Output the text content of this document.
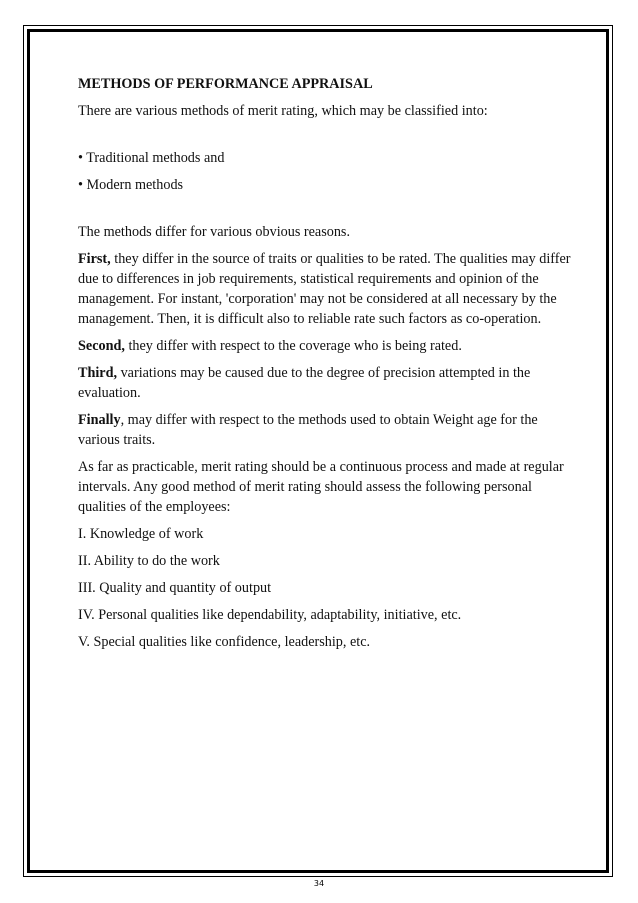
METHODS OF PERFORMANCE APPRAISAL

There are various methods of merit rating, which may be classified into:

• Traditional methods and

• Modern methods

The methods differ for various obvious reasons.

First, they differ in the source of traits or qualities to be rated. The qualities may differ due to differences in job requirements, statistical requirements and opinion of the management. For instant, 'corporation' may not be considered at all necessary by the management. Then, it is difficult also to reliable rate such factors as co-operation.

Second, they differ with respect to the coverage who is being rated.

Third, variations may be caused due to the degree of precision attempted in the evaluation.

Finally, may differ with respect to the methods used to obtain Weight age for the various traits.

As far as practicable, merit rating should be a continuous process and made at regular intervals. Any good method of merit rating should assess the following personal qualities of the employees:

I. Knowledge of work

II. Ability to do the work

III. Quality and quantity of output

IV. Personal qualities like dependability, adaptability, initiative, etc.

V. Special qualities like confidence, leadership, etc.

34
